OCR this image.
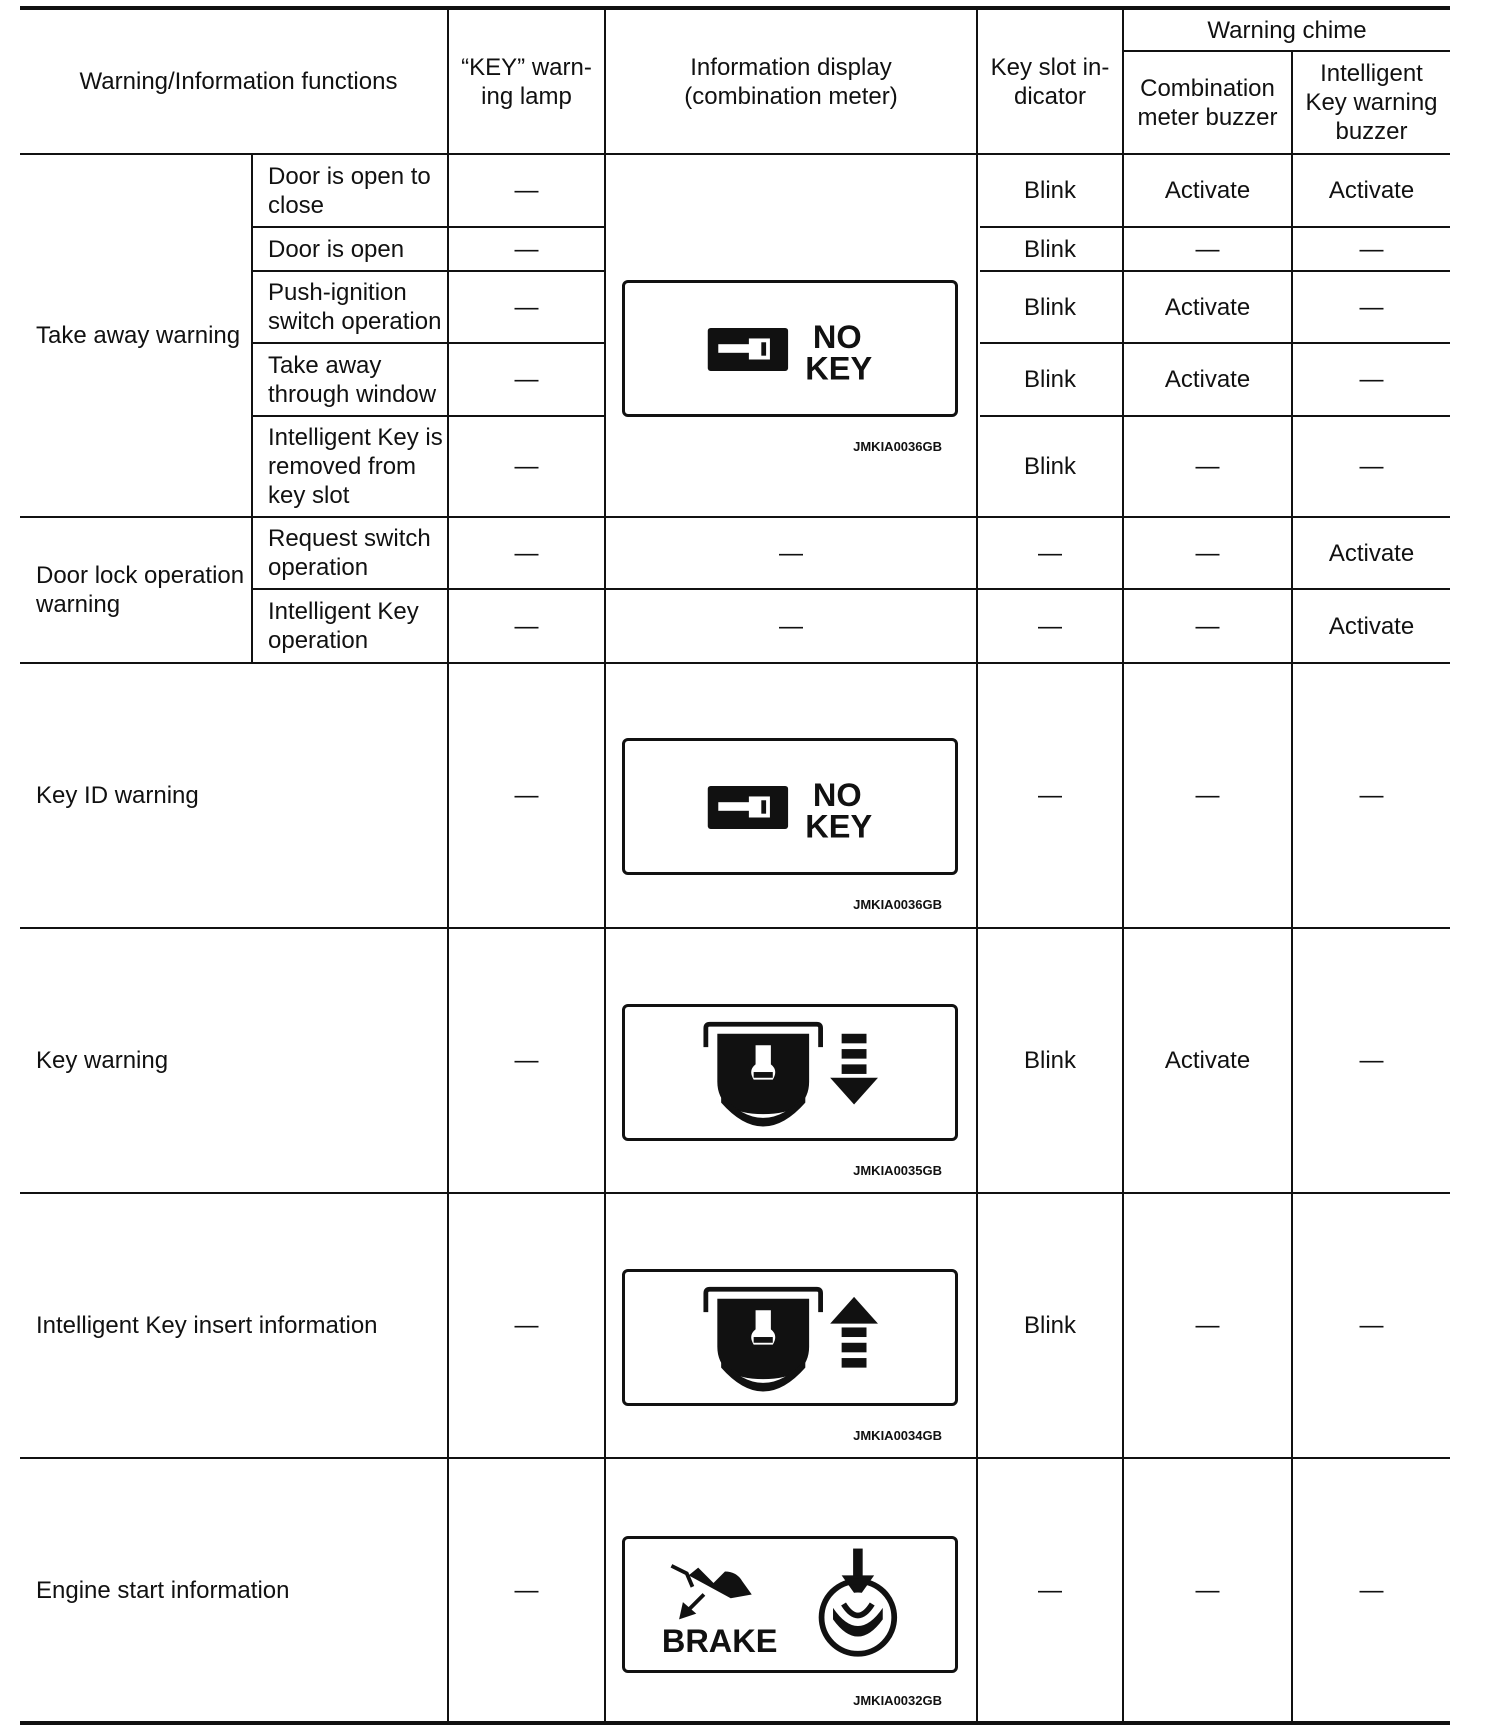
Warning/Information functions
“KEY” warn-
ing lamp
Information display
(combination meter)
Key slot in-
dicator
Warning chime
Combination
meter buzzer
Intelligent
Key warning
buzzer
Take away warning
Door lock operation
warning
Key ID warning
Key warning
Intelligent Key insert information
Engine start information
Door is open to
close
Door is open
Push-ignition
switch operation
Take away
through window
Intelligent Key is
removed from
key slot
Request switch
operation
Intelligent Key
operation
—
—
—
—
—
—
—
—
—
—
—
—
—
Blink
Blink
Blink
Blink
Blink
—
—
—
Blink
Blink
—
Activate
—
Activate
Activate
—
—
—
—
Activate
—
—
Activate
—
—
—
—
Activate
Activate
—
—
—
—
NO
KEY
JMKIA0036GB
NO
KEY
JMKIA0036GB
JMKIA0035GB
JMKIA0034GB
BRAKE
JMKIA0032GB
